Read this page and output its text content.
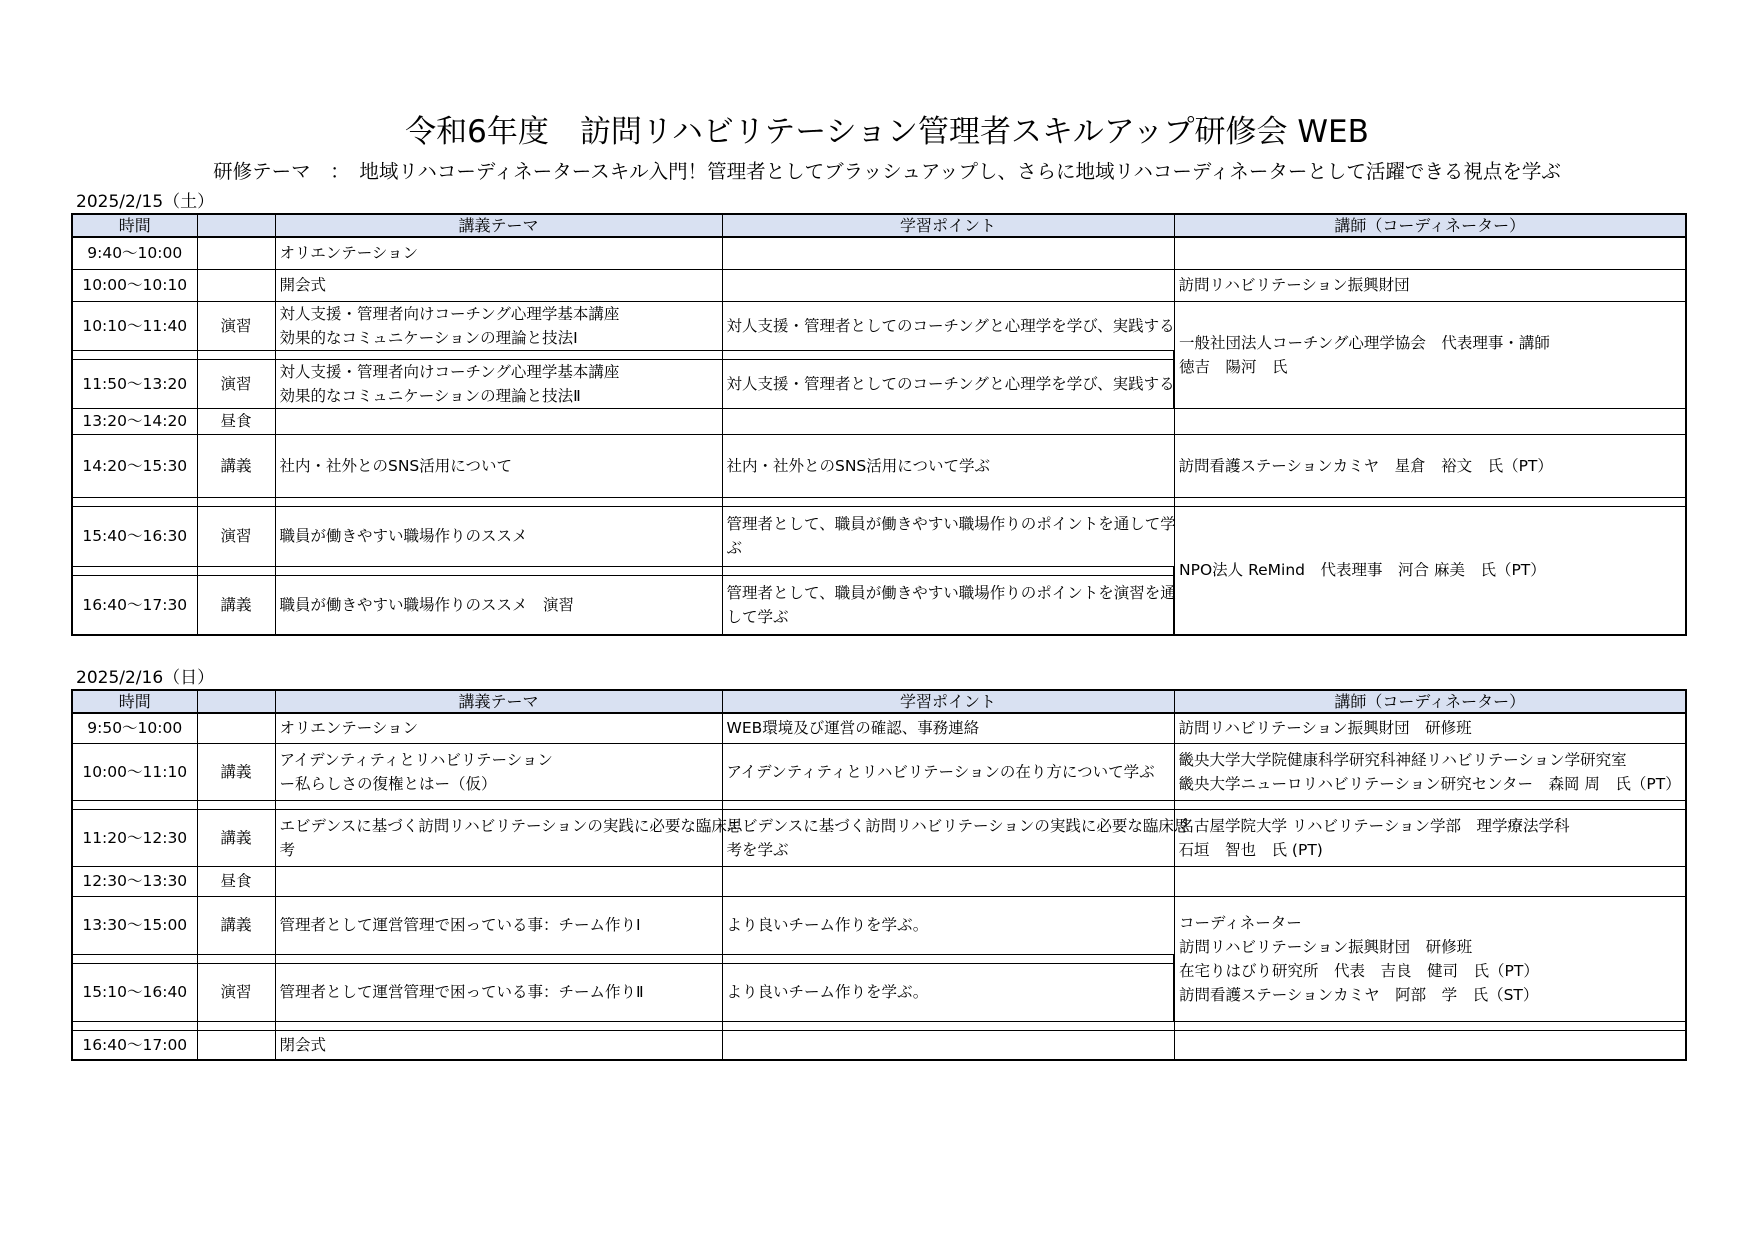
令和6年度　訪問リハビリテーション管理者スキルアップ研修会 WEB
研修テーマ　：　地域リハコーディネータースキル入門！管理者としてブラッシュアップし、さらに地域リハコーディネーターとして活躍できる視点を学ぶ
2025/2/15（土）
時間		講義テーマ	学習ポイント	講師（コーディネーター）
9:40～10:00		オリエンテーション		

10:00～10:10		開会式		訪問リハビリテーション振興財団

10:10～11:40	演習	対人支援・管理者向けコーチング心理学基本講座
効果的なコミュニケーションの理論と技法Ⅰ	対人支援・管理者としてのコーチングと心理学を学び、実践する	一般社団法人コーチング心理学協会　代表理事・講師
徳吉　陽河　氏

11:50～13:20	演習	対人支援・管理者向けコーチング心理学基本講座
効果的なコミュニケーションの理論と技法Ⅱ	対人支援・管理者としてのコーチングと心理学を学び、実践する	

13:20～14:20	昼食			
14:20～15:30	講義	社内・社外とのSNS活用について	社内・社外とのSNS活用について学ぶ	訪問看護ステーションカミヤ　星倉　裕文　氏（PT）

15:40～16:30	演習	職員が働きやすい職場作りのススメ	管理者として、職員が働きやすい職場作りのポイントを通して学
ぶ	NPO法人 ReMind　代表理事　河合 麻美　氏（PT）

16:40～17:30	講義	職員が働きやすい職場作りのススメ　演習	管理者として、職員が働きやすい職場作りのポイントを演習を通
して学ぶ	
2025/2/16（日）
時間		講義テーマ	学習ポイント	講師（コーディネーター）
9:50～10:00		オリエンテーション	WEB環境及び運営の確認、事務連絡	訪問リハビリテーション振興財団　研修班

10:00～11:10	講義	アイデンティティとリハビリテーション
ー私らしさの復権とはー（仮）	アイデンティティとリハビリテーションの在り方について学ぶ	畿央大学大学院健康科学研究科神経リハビリテーション学研究室
畿央大学ニューロリハビリテーション研究センター　森岡 周　氏（PT）

11:20～12:30	講義	エビデンスに基づく訪問リハビリテーションの実践に必要な臨床思
考	エビデンスに基づく訪問リハビリテーションの実践に必要な臨床思
考を学ぶ	名古屋学院大学 リハビリテーション学部　理学療法学科
石垣　智也　氏 (PT)

12:30～13:30	昼食			
13:30～15:00	講義	管理者として運営管理で困っている事：チーム作りⅠ	より良いチーム作りを学ぶ。	コーディネーター
訪問リハビリテーション振興財団　研修班
在宅りはびり研究所　代表　吉良　健司　氏（PT）
訪問看護ステーションカミヤ　阿部　学　氏（ST）

15:10～16:40	演習	管理者として運営管理で困っている事：チーム作りⅡ	より良いチーム作りを学ぶ。	

16:40～17:00		閉会式		
